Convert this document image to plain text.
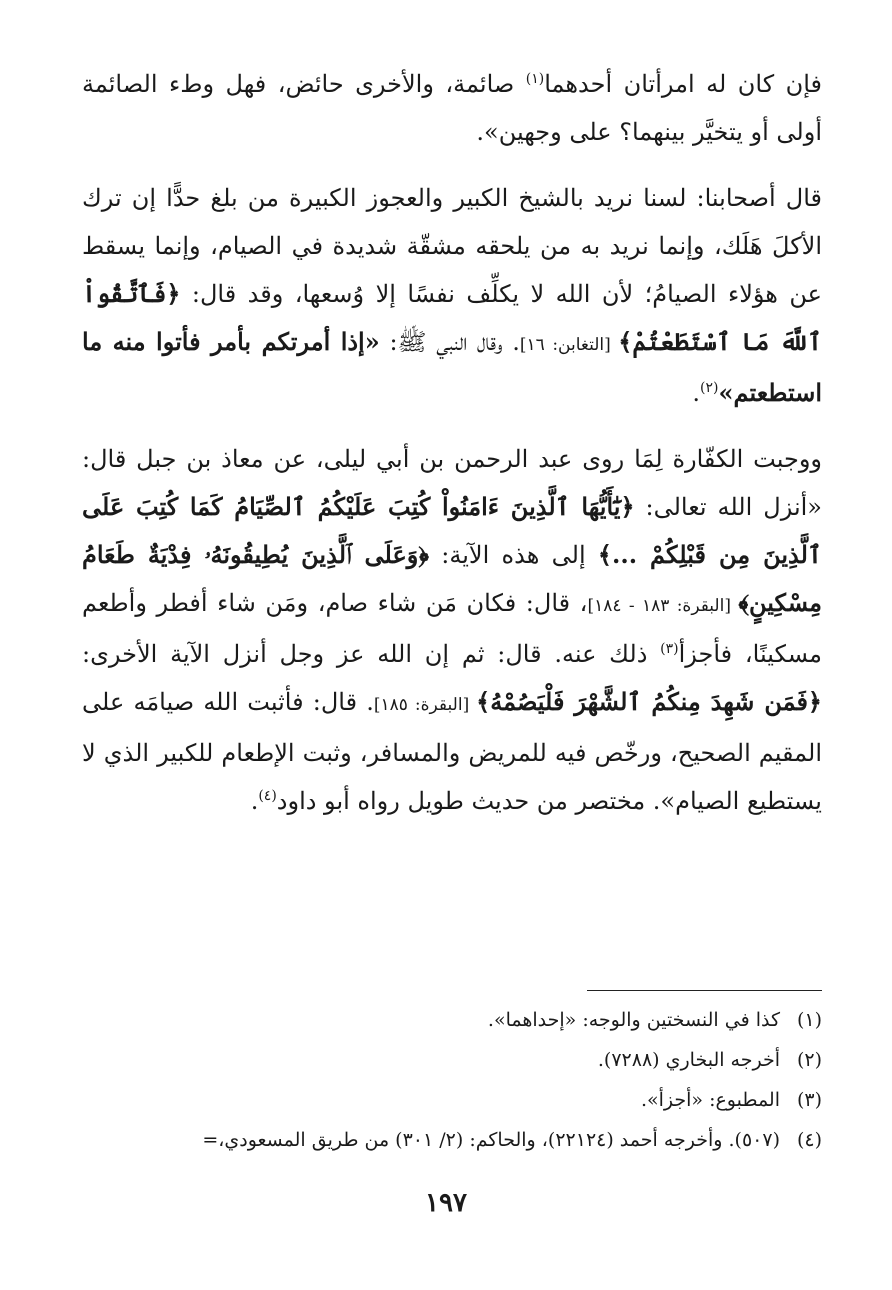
فإن كان له امرأتان أحدهما$^{(١)}$ صائمة، والأخرى حائض، فهل وطء الصائمة أولى أو يتخيَّر بينهما؟ على وجهين».

قال أصحابنا: لسنا نريد بالشيخ الكبير والعجوز الكبيرة من بلغ حدًّا إن ترك الأكلَ هَلَك، وإنما نريد به من يلحقه مشقّة شديدة في الصيام، وإنما يسقط عن هؤلاء الصيامُ؛ لأن الله لا يكلِّف نفسًا إلا وُسعها، وقد قال: ﴿فَٱتَّقُواْ ٱللَّهَ مَا ٱسْتَطَعْتُمْ﴾ [التغابن: ١٦]. وقال النبي ﷺ: «إذا أمرتكم بأمر فأتوا منه ما استطعتم»$^{(٢)}$.

ووجبت الكفّارة لِمَا روى عبد الرحمن بن أبي ليلى، عن معاذ بن جبل قال: «أنزل الله تعالى: ﴿يَٰٓأَيُّهَا ٱلَّذِينَ ءَامَنُواْ كُتِبَ عَلَيْكُمُ ٱلصِّيَامُ كَمَا كُتِبَ عَلَى ٱلَّذِينَ مِن قَبْلِكُمْ ...﴾ إلى هذه الآية: ﴿وَعَلَى ٱلَّذِينَ يُطِيقُونَهُۥ فِدْيَةٌ طَعَامُ مِسْكِينٍ﴾ [البقرة: ١٨٣ - ١٨٤]، قال: فكان مَن شاء صام، ومَن شاء أفطر وأطعم مسكينًا، فأجزأ$^{(٣)}$ ذلك عنه. قال: ثم إن الله عز وجل أنزل الآية الأخرى: ﴿فَمَن شَهِدَ مِنكُمُ ٱلشَّهْرَ فَلْيَصُمْهُ﴾ [البقرة: ١٨٥]. قال: فأثبت الله صيامَه على المقيم الصحيح، ورخّص فيه للمريض والمسافر، وثبت الإطعام للكبير الذي لا يستطيع الصيام». مختصر من حديث طويل رواه أبو داود$^{(٤)}$.

(١)
كذا في النسختين والوجه: «إحداهما».
(٢)
أخرجه البخاري (٧٢٨٨).
(٣)
المطبوع: «أجزأ».
(٤)
(٥٠٧). وأخرجه أحمد (٢٢١٢٤)، والحاكم: (٢/ ٣٠١) من طريق المسعودي،=
١٩٧
